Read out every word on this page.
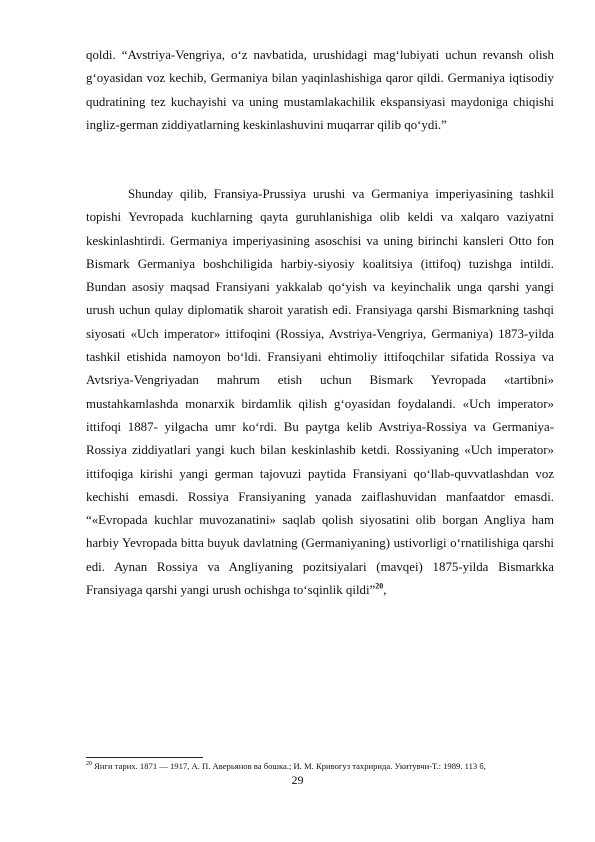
qoldi. “Avstriya-Vengriya, o‘z navbatida, urushidagi mag‘lubiyati uchun revansh olish g‘oyasidan voz kechib, Germaniya bilan yaqinlashishiga qaror qildi. Germaniya iqtisodiy qudratining tez kuchayishi va uning mustamlakachilik ekspansiyasi maydoniga chiqishi ingliz-german ziddiyatlarning keskinlashuvini muqarrar qilib qo‘ydi.”

Shunday qilib, Fransiya-Prussiya urushi va Germaniya imperiyasining tashkil topishi Yevropada kuchlarning qayta guruhlanishiga olib keldi va xalqaro vaziyatni keskinlashtirdi. Germaniya imperiyasining asoschisi va uning birinchi kansleri Otto fon Bismark Germaniya boshchiligida harbiy-siyosiy koalitsiya (ittifoq) tuzishga intildi. Bundan asosiy maqsad Fransiyani yakkalab qo‘yish va keyinchalik unga qarshi yangi urush uchun qulay diplomatik sharoit yaratish edi. Fransiyaga qarshi Bismarkning tashqi siyosati «Uch imperator» ittifoqini (Rossiya, Avstriya-Vengriya, Germaniya) 1873-yilda tashkil etishida namoyon bo‘ldi. Fransiyani ehtimoliy ittifoqchilar sifatida Rossiya va Avtsriya-Vengriyadan mahrum etish uchun Bismark Yevropada «tartibni» mustahkamlashda monarxik birdamlik qilish g‘oyasidan foydalandi. «Uch imperator» ittifoqi 1887- yilgacha umr ko‘rdi. Bu paytga kelib Avstriya-Rossiya va Germaniya-Rossiya ziddiyatlari yangi kuch bilan keskinlashib ketdi. Rossiyaning «Uch imperator» ittifoqiga kirishi yangi german tajovuzi paytida Fransiyani qo‘llab-quvvatlashdan voz kechishi emasdi. Rossiya Fransiyaning yanada zaiflashuvidan manfaatdor emasdi. “«Evropada kuchlar muvozanatini» saqlab qolish siyosatini olib borgan Angliya ham harbiy Yevropada bitta buyuk davlatning (Germaniyaning) ustivorligi o‘rnatilishiga qarshi edi. Aynan Rossiya va Angliyaning pozitsiyalari (mavqei) 1875-yilda Bismarkka Fransiyaga qarshi yangi urush ochishga to‘sqinlik qildi”$^{20}$,

$^{20}$ Янги тарих. 1871 — 1917, А. П. Аверьянов ва бошка.; И. М. Кривогуз тахририда. Укитувчи-Т.: 1989. 113 б,
29
